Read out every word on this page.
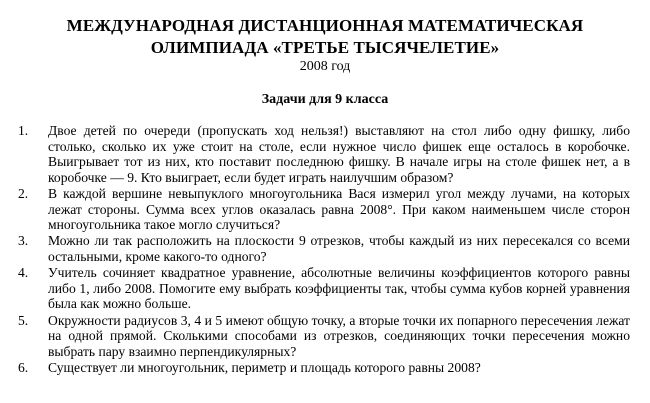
МЕЖДУНАРОДНАЯ ДИСТАНЦИОННАЯ МАТЕМАТИЧЕСКАЯ
ОЛИМПИАДА «ТРЕТЬЕ ТЫСЯЧЕЛЕТИЕ»
2008 год
Задачи для 9 класса
1. Двое детей по очереди (пропускать ход нельзя!) выставляют на стол либо одну фишку, либо столько, сколько их уже стоит на столе, если нужное число фишек еще осталось в коробочке. Выигрывает тот из них, кто поставит последнюю фишку. В начале игры на столе фишек нет, а в коробочке — 9. Кто выиграет, если будет играть наилучшим образом?
2. В каждой вершине невыпуклого многоугольника Вася измерил угол между лучами, на которых лежат стороны. Сумма всех углов оказалась равна 2008°. При каком наименьшем числе сторон многоугольника такое могло случиться?
3. Можно ли так расположить на плоскости 9 отрезков, чтобы каждый из них пересекался со всеми остальными, кроме какого-то одного?
4. Учитель сочиняет квадратное уравнение, абсолютные величины коэффициентов которого равны либо 1, либо 2008. Помогите ему выбрать коэффициенты так, чтобы сумма кубов корней уравнения была как можно больше.
5. Окружности радиусов 3, 4 и 5 имеют общую точку, а вторые точки их попарного пересечения лежат на одной прямой. Сколькими способами из отрезков, соединяющих точки пересечения можно выбрать пару взаимно перпендикулярных?
6. Существует ли многоугольник, периметр и площадь которого равны 2008?
